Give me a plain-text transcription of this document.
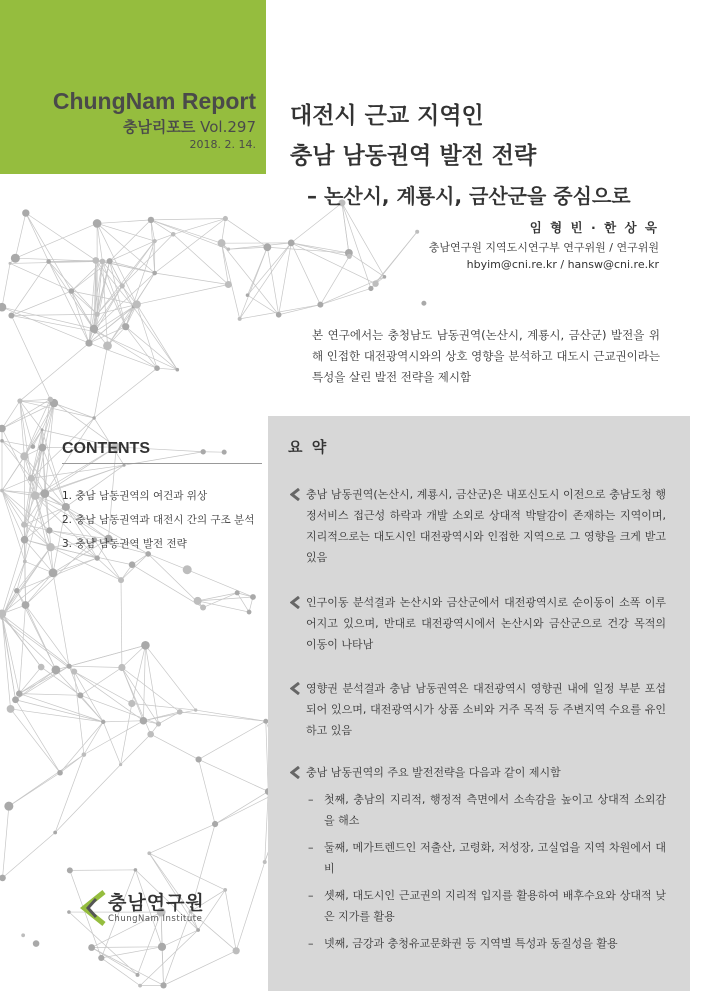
ChungNam Report
충남리포트 Vol.297
2018. 2. 14.
대전시 근교 지역인
충남 남동권역 발전 전략
– 논산시, 계룡시, 금산군을 중심으로
임 형 빈 · 한 상 욱
충남연구원 지역도시연구부 연구위원 / 연구위원
hbyim@cni.re.kr / hansw@cni.re.kr
본 연구에서는 충청남도 남동권역(논산시, 계룡시, 금산군) 발전을 위해 인접한 대전광역시와의 상호 영향을 분석하고 대도시 근교권이라는 특성을 살린 발전 전략을 제시함
CONTENTS
1. 충남 남동권역의 여건과 위상
2. 충남 남동권역과 대전시 간의 구조 분석
3. 충남 남동권역 발전 전략
요 약
충남 남동권역(논산시, 계룡시, 금산군)은 내포신도시 이전으로 충남도청 행정서비스 접근성 하락과 개발 소외로 상대적 박탈감이 존재하는 지역이며, 지리적으로는 대도시인 대전광역시와 인접한 지역으로 그 영향을 크게 받고 있음
인구이동 분석결과 논산시와 금산군에서 대전광역시로 순이동이 소폭 이루어지고 있으며, 반대로 대전광역시에서 논산시와 금산군으로 건강 목적의 이동이 나타남
영향권 분석결과 충남 남동권역은 대전광역시 영향권 내에 일정 부분 포섭되어 있으며, 대전광역시가 상품 소비와 거주 목적 등 주변지역 수요를 유인하고 있음
충남 남동권역의 주요 발전전략을 다음과 같이 제시함
– 첫째, 충남의 지리적, 행정적 측면에서 소속감을 높이고 상대적 소외감을 해소
– 둘째, 메가트렌드인 저출산, 고령화, 저성장, 고실업을 지역 차원에서 대비
– 셋째, 대도시인 근교권의 지리적 입지를 활용하여 배후수요와 상대적 낮은 지가를 활용
– 넷째, 금강과 충청유교문화권 등 지역별 특성과 동질성을 활용
충남연구원
ChungNam Institute
